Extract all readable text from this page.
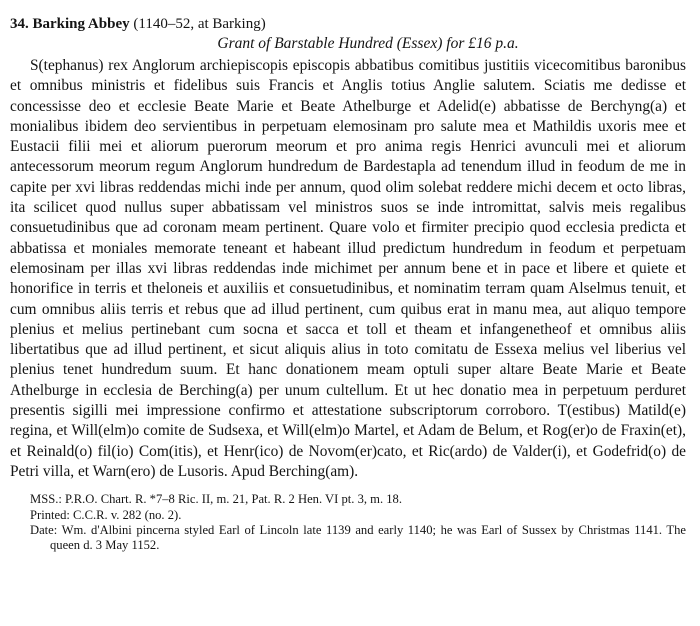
34. Barking Abbey (1140–52, at Barking)
Grant of Barstable Hundred (Essex) for £16 p.a.

S(tephanus) rex Anglorum archiepiscopis episcopis abbatibus comitibus justitiis vicecomitibus baronibus et omnibus ministris et fidelibus suis Francis et Anglis totius Anglie salutem. Sciatis me dedisse et concessisse deo et ecclesie Beate Marie et Beate Athelburge et Adelid(e) abbatisse de Berchyng(a) et monialibus ibidem deo servientibus in perpetuam elemosinam pro salute mea et Mathildis uxoris mee et Eustacii filii mei et aliorum puerorum meorum et pro anima regis Henrici avunculi mei et aliorum antecessorum meorum regum Anglorum hundredum de Bardestapla ad tenendum illud in feodum de me in capite per xvi libras reddendas michi inde per annum, quod olim solebat reddere michi decem et octo libras, ita scilicet quod nullus super abbatissam vel ministros suos se inde intromittat, salvis meis regalibus consuetudinibus que ad coronam meam pertinent. Quare volo et firmiter precipio quod ecclesia predicta et abbatissa et moniales memorate teneant et habeant illud predictum hundredum in feodum et perpetuam elemosinam per illas xvi libras reddendas inde michimet per annum bene et in pace et libere et quiete et honorifice in terris et theloneis et auxiliis et consuetudinibus, et nominatim terram quam Alselmus tenuit, et cum omnibus aliis terris et rebus que ad illud pertinent, cum quibus erat in manu mea, aut aliquo tempore plenius et melius pertinebant cum socna et sacca et toll et theam et infangenetheof et omnibus aliis libertatibus que ad illud pertinent, et sicut aliquis alius in toto comitatu de Essexa melius vel liberius vel plenius tenet hundredum suum. Et hanc donationem meam optuli super altare Beate Marie et Beate Athelburge in ecclesia de Berching(a) per unum cultellum. Et ut hec donatio mea in perpetuum perduret presentis sigilli mei impressione confirmo et attestatione subscriptorum corroboro. T(estibus) Matild(e) regina, et Will(elm)o comite de Sudsexa, et Will(elm)o Martel, et Adam de Belum, et Rog(er)o de Fraxin(et), et Reinald(o) fil(io) Com(itis), et Henr(ico) de Novom(er)cato, et Ric(ardo) de Valder(i), et Godefrid(o) de Petri villa, et Warn(ero) de Lusoris. Apud Berching(am).

MSS.: P.R.O. Chart. R. *7–8 Ric. II, m. 21, Pat. R. 2 Hen. VI pt. 3, m. 18.

Printed: C.C.R. v. 282 (no. 2).

Date: Wm. d'Albini pincerna styled Earl of Lincoln late 1139 and early 1140; he was Earl of Sussex by Christmas 1141. The queen d. 3 May 1152.
